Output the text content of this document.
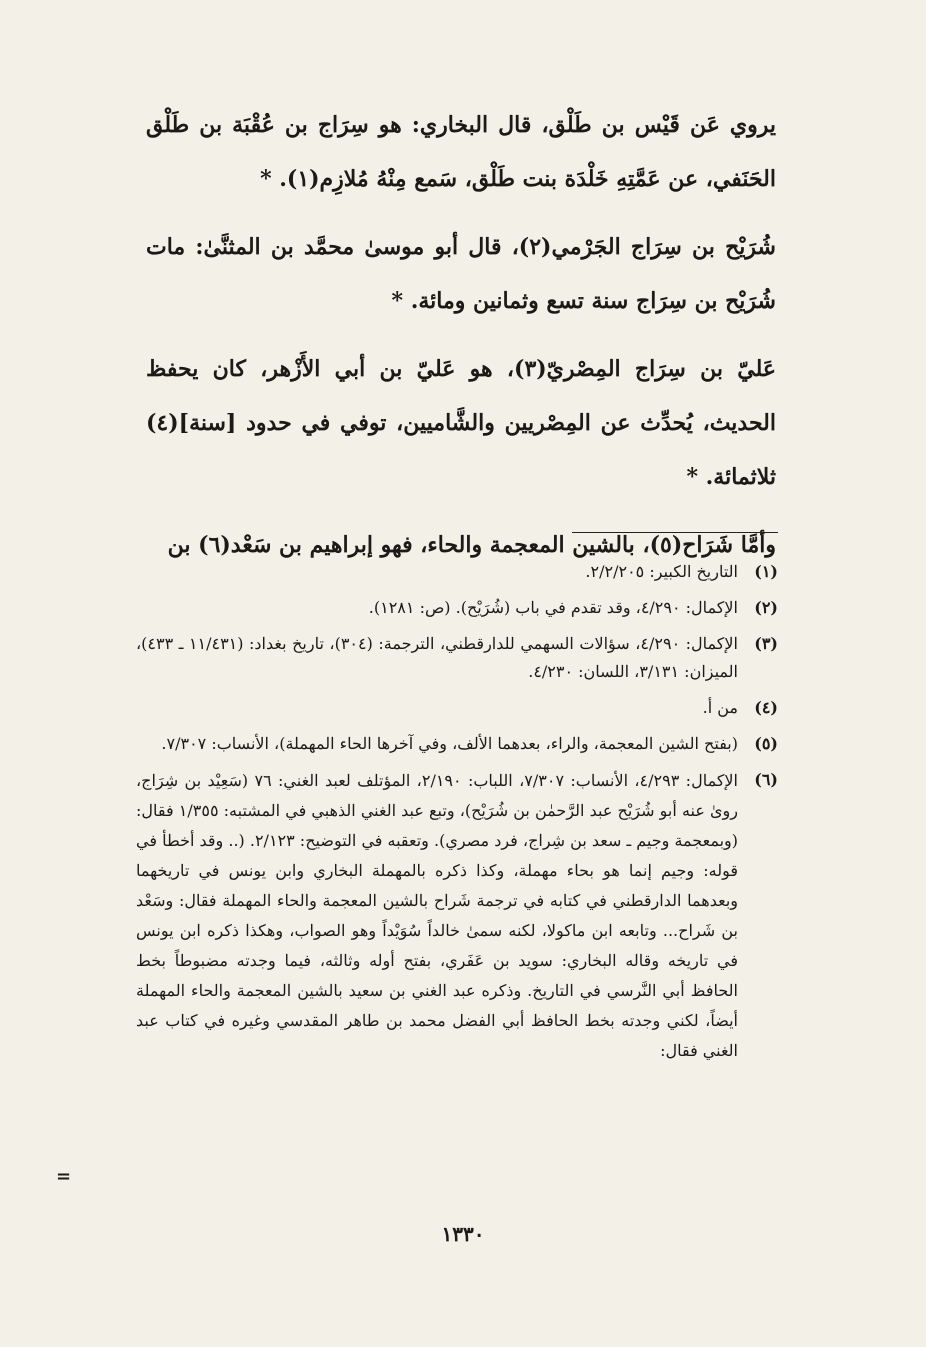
يروي عَن قَيْس بن طَلْق، قال البخاري: هو سِرَاج بن عُقْبَة بن طَلْق الحَنَفي، عن عَمَّتِهِ خَلْدَة بنت طَلْق، سَمع مِنْهُ مُلازِم(١). *

شُرَيْح بن سِرَاج الجَرْمي(٢)، قال أبو موسىٰ محمَّد بن المثنَّىٰ: مات شُرَيْح بن سِرَاج سنة تسع وثمانين ومائة. *

عَليّ بن سِرَاج المِصْريّ(٣)، هو عَليّ بن أبي الأَزْهر، كان يحفظ الحديث، يُحدِّث عن المِصْريين والشَّاميين، توفي في حدود [سنة](٤) ثلاثمائة. *

وأمَّا شَرَاح(٥)، بالشين المعجمة والحاء، فهو إبراهيم بن سَعْد(٦) بن

(١)
التاريخ الكبير: ٢/٢/٢٠٥.
(٢)
الإكمال: ٤/٢٩٠، وقد تقدم في باب (شُرَيْح). (ص: ١٢٨١).
(٣)
الإكمال: ٤/٢٩٠، سؤالات السهمي للدارقطني، الترجمة: (٣٠٤)، تاريخ بغداد: (١١/٤٣١ ـ ٤٣٣)، الميزان: ٣/١٣١، اللسان: ٤/٢٣٠.
(٤)
من أ.
(٥)
(بفتح الشين المعجمة، والراء، بعدهما الألف، وفي آخرها الحاء المهملة)، الأنساب: ٧/٣٠٧.
(٦)
الإكمال: ٤/٢٩٣، الأنساب: ٧/٣٠٧، اللباب: ٢/١٩٠، المؤتلف لعبد الغني: ٧٦ (سَعِيْد بن شِرَاج، روىٰ عنه أبو شُرَيْح عبد الرَّحمٰن بن شُرَيْح)، وتبع عبد الغني الذهبي في المشتبه: ١/٣٥٥ فقال: (وبمعجمة وجيم ـ سعد بن شِراج، فرد مصري). وتعقبه في التوضيح: ٢/١٢٣. (.. وقد أخطأ في قوله: وجيم إنما هو بحاء مهملة، وكذا ذكره بالمهملة البخاري وابن يونس في تاريخهما وبعدهما الدارقطني في كتابه في ترجمة شَراح بالشين المعجمة والحاء المهملة فقال: وسَعْد بن شَراح... وتابعه ابن ماكولا، لكنه سمىٰ خالداً سُوَيْداً وهو الصواب، وهكذا ذكره ابن يونس في تاريخه وقاله البخاري: سويد بن عَفَري، بفتح أوله وثالثه، فيما وجدته مضبوطاً بخط الحافظ أبي النَّرسي في التاريخ. وذكره عبد الغني بن سعيد بالشين المعجمة والحاء المهملة أيضاً، لكني وجدته بخط الحافظ أبي الفضل محمد بن طاهر المقدسي وغيره في كتاب عبد الغني فقال:
=
١٣٣٠
